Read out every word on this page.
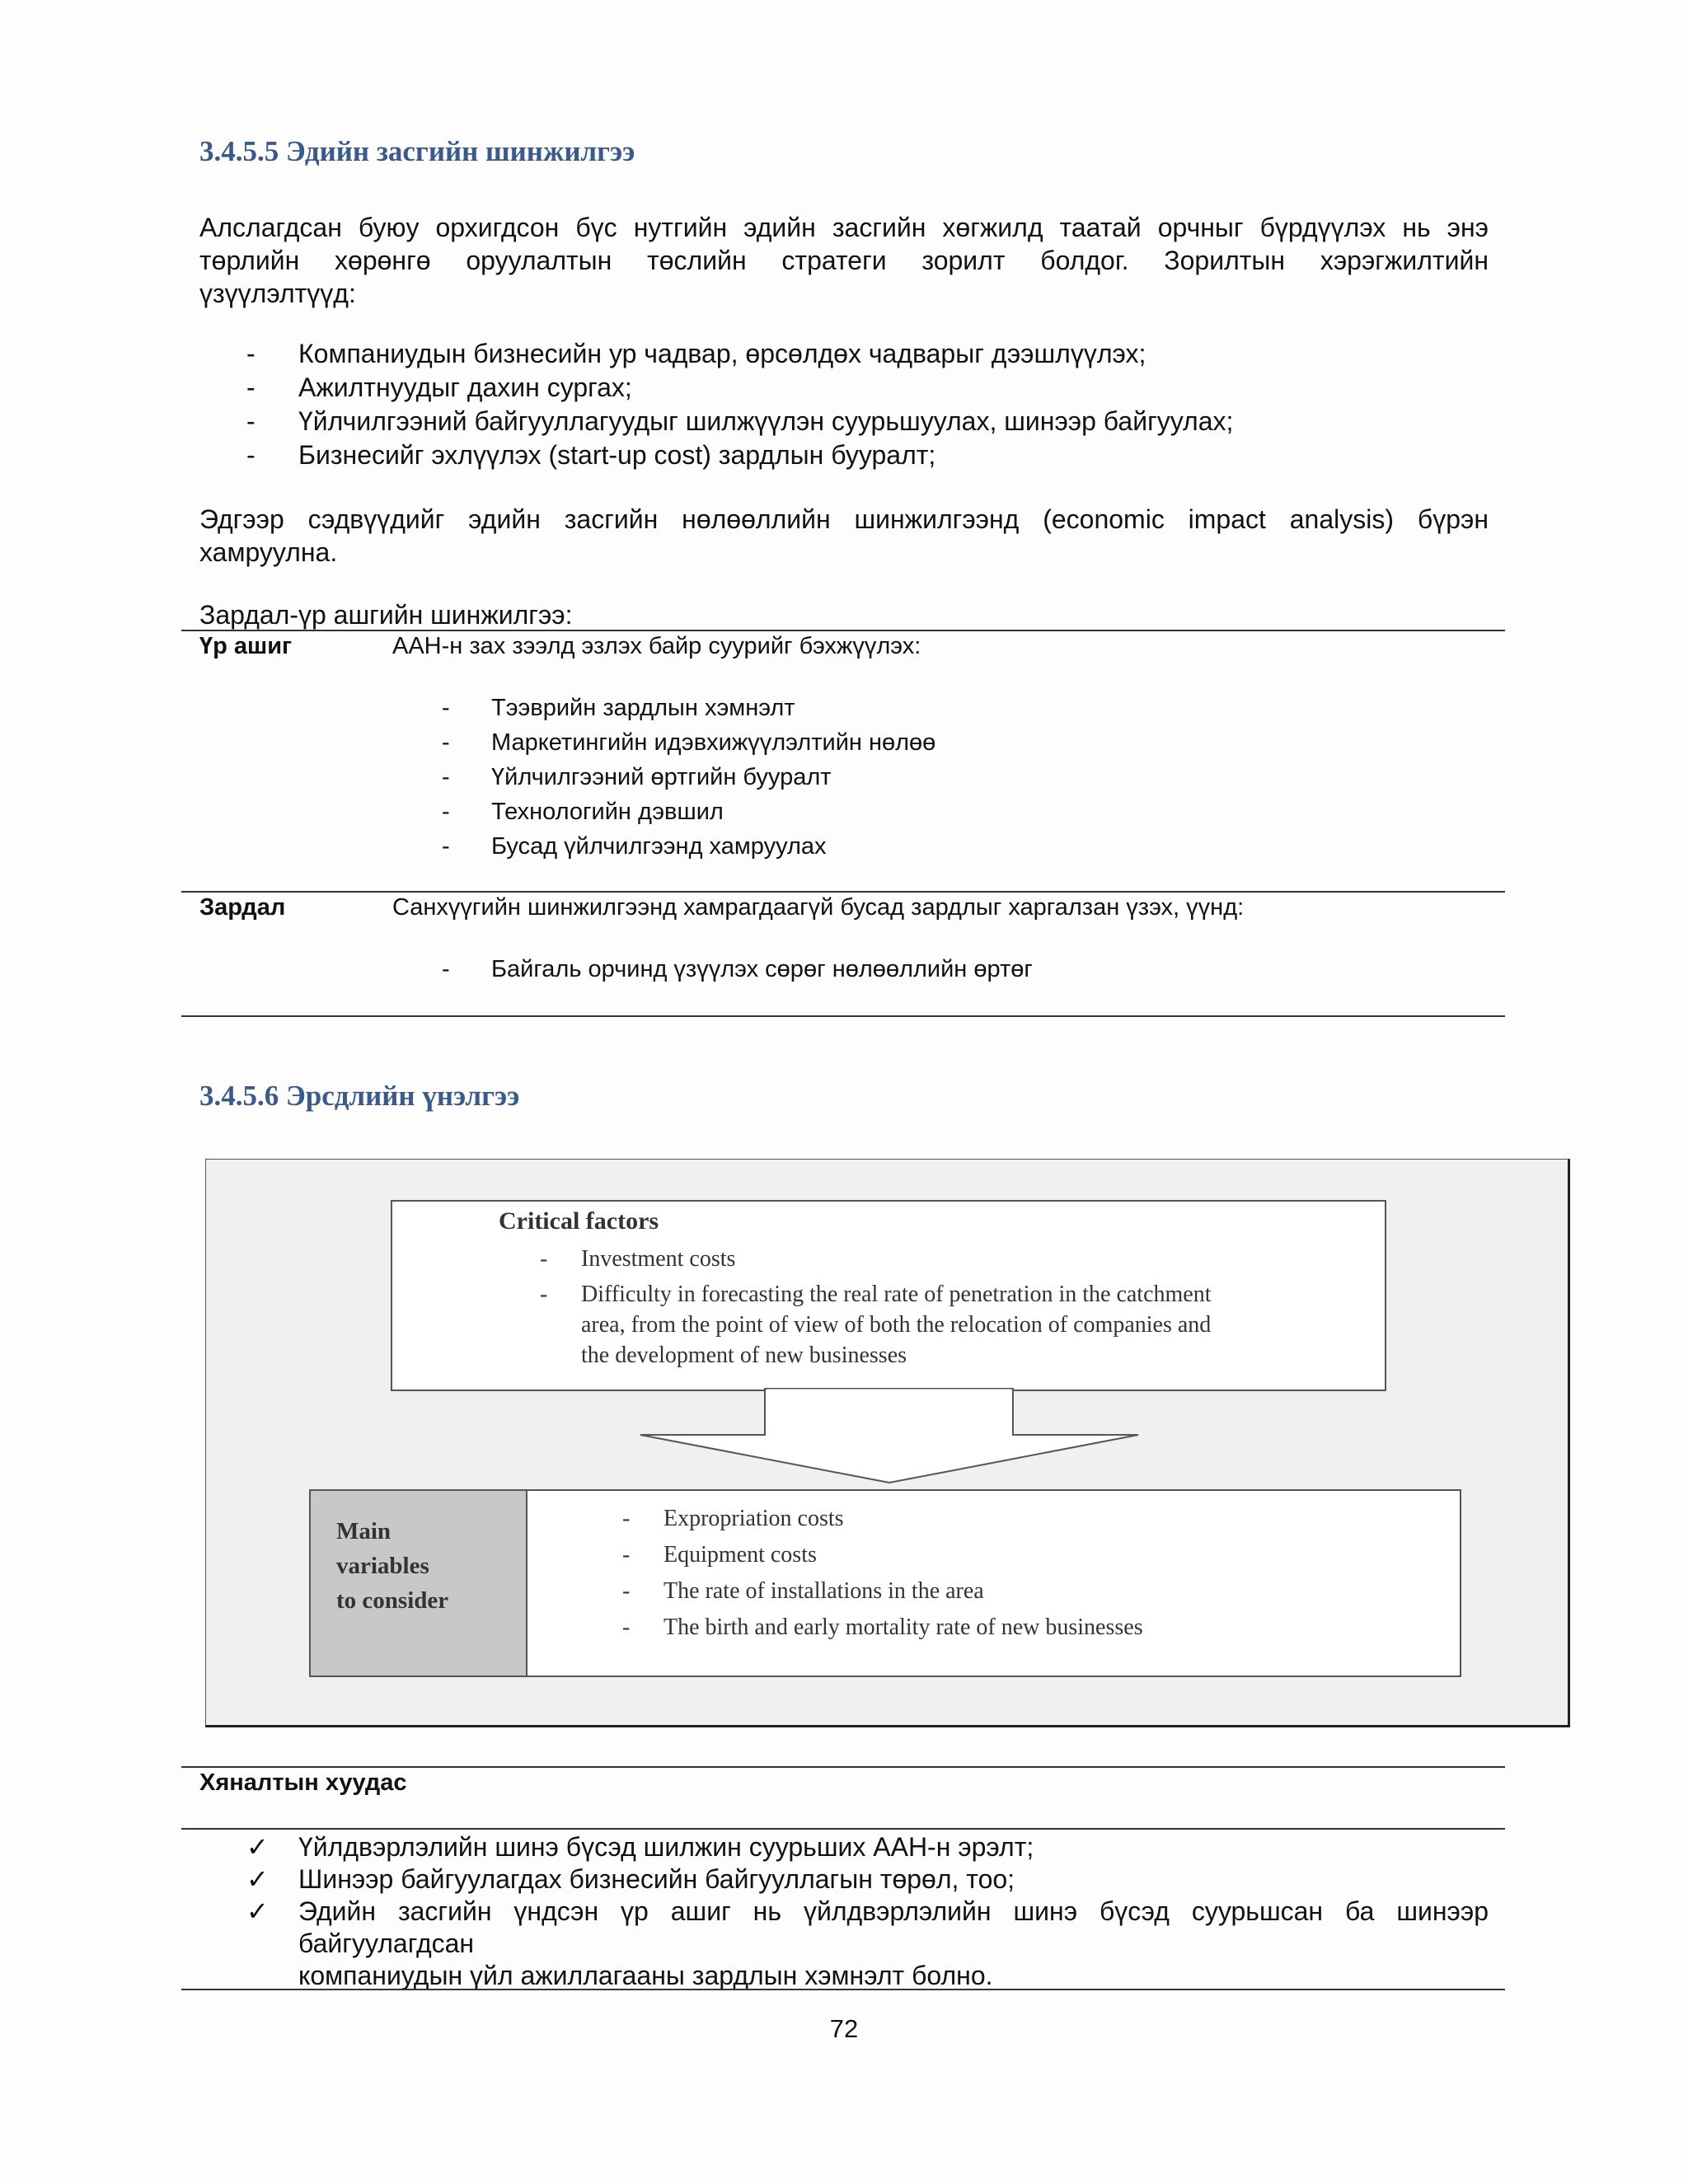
3.4.5.5 Эдийн засгийн шинжилгээ
Алслагдсан буюу орхигдсон бүс нутгийн эдийн засгийн хөгжилд таатай орчныг бүрдүүлэх нь энэ
төрлийн хөрөнгө оруулалтын төслийн стратеги зорилт болдог. Зорилтын хэрэгжилтийн
үзүүлэлтүүд:
- Компаниудын бизнесийн ур чадвар, өрсөлдөх чадварыг дээшлүүлэх;
- Ажилтнуудыг дахин сургах;
- Үйлчилгээний байгууллагуудыг шилжүүлэн суурьшуулах, шинээр байгуулах;
- Бизнесийг эхлүүлэх (start-up cost) зардлын бууралт;
Эдгээр сэдвүүдийг эдийн засгийн нөлөөллийн шинжилгээнд (economic impact analysis) бүрэн
хамруулна.
Зардал-үр ашгийн шинжилгээ:
Үр ашиг	ААН-н зах зээлд эзлэх байр суурийг бэхжүүлэх:
- Тээврийн зардлын хэмнэлт
- Маркетингийн идэвхижүүлэлтийн нөлөө
- Үйлчилгээний өртгийн бууралт
- Технологийн дэвшил
- Бусад үйлчилгээнд хамруулах
Зардал	Санхүүгийн шинжилгээнд хамрагдаагүй бусад зардлыг харгалзан үзэх, үүнд:
- Байгаль орчинд үзүүлэх сөрөг нөлөөллийн өртөг
3.4.5.6 Эрсдлийн үнэлгээ
Critical factors
- Investment costs
- Difficulty in forecasting the real rate of penetration in the catchment
area, from the point of view of both the relocation of companies and
the development of new businesses
Main
variables
to consider
- Expropriation costs
- Equipment costs
- The rate of installations in the area
- The birth and early mortality rate of new businesses
Хяналтын хуудас
✓ Үйлдвэрлэлийн шинэ бүсэд шилжин суурьших ААН-н эрэлт;
✓ Шинээр байгуулагдах бизнесийн байгууллагын төрөл, тоо;
✓ Эдийн засгийн үндсэн үр ашиг нь үйлдвэрлэлийн шинэ бүсэд суурьшсан ба шинээр байгуулагдсан
компаниудын үйл ажиллагааны зардлын хэмнэлт болно.
72
